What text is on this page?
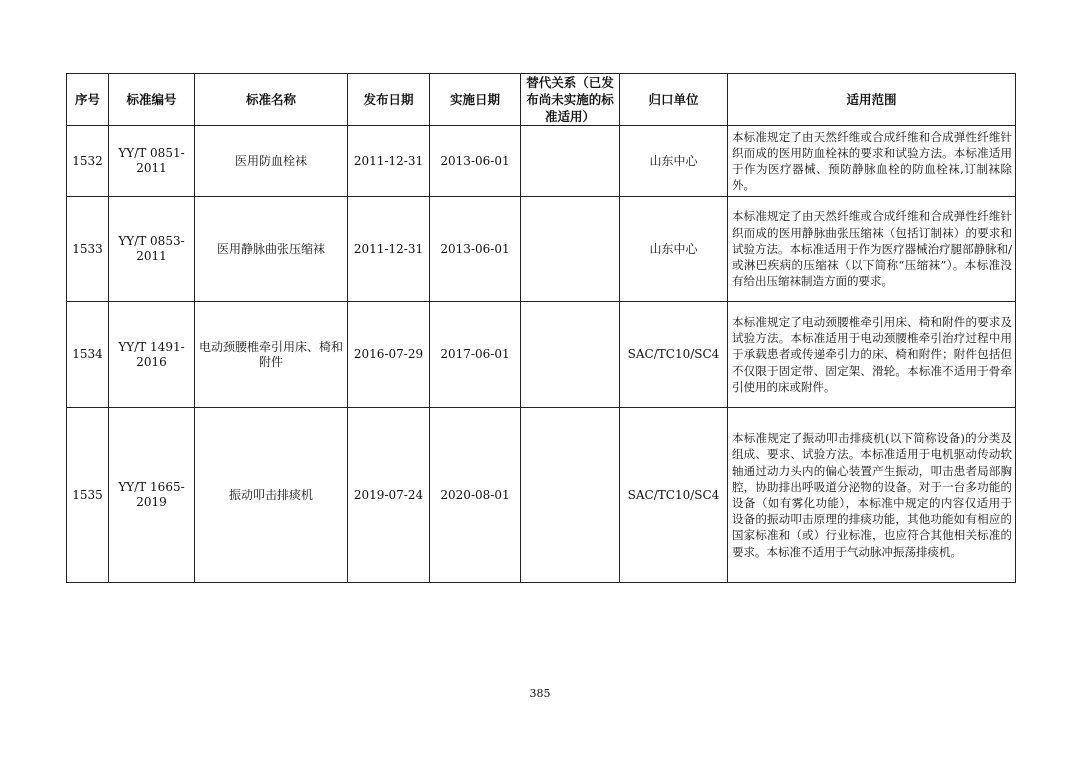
序号	标准编号	标准名称	发布日期	实施日期	替代关系（已发布尚未实施的标准适用）	归口单位	适用范围
1532	YY/T 0851-2011	医用防血栓袜	2011-12-31	2013-06-01		山东中心	本标准规定了由天然纤维或合成纤维和合成弹性纤维针织而成的医用防血栓袜的要求和试验方法。本标准适用于作为医疗器械、预防静脉血栓的防血栓袜,订制袜除外。
1533	YY/T 0853-2011	医用静脉曲张压缩袜	2011-12-31	2013-06-01		山东中心	本标准规定了由天然纤维或合成纤维和合成弹性纤维针织而成的医用静脉曲张压缩袜（包括订制袜）的要求和试验方法。本标准适用于作为医疗器械治疗腿部静脉和/或淋巴疾病的压缩袜（以下简称“压缩袜”）。本标准没有给出压缩袜制造方面的要求。
1534	YY/T 1491-2016	电动颈腰椎牵引用床、椅和附件	2016-07-29	2017-06-01		SAC/TC10/SC4	本标准规定了电动颈腰椎牵引用床、椅和附件的要求及试验方法。本标准适用于电动颈腰椎牵引治疗过程中用于承载患者或传递牵引力的床、椅和附件；附件包括但不仅限于固定带、固定架、滑轮。本标准不适用于骨牵引使用的床或附件。
1535	YY/T 1665-2019	振动叩击排痰机	2019-07-24	2020-08-01		SAC/TC10/SC4	本标准规定了振动叩击排痰机(以下简称设备)的分类及组成、要求、试验方法。本标准适用于电机驱动传动软轴通过动力头内的偏心装置产生振动，叩击患者局部胸腔，协助排出呼吸道分泌物的设备。对于一台多功能的设备（如有雾化功能），本标准中规定的内容仅适用于设备的振动叩击原理的排痰功能，其他功能如有相应的国家标准和（或）行业标准，也应符合其他相关标准的要求。本标准不适用于气动脉冲振荡排痰机。
385
